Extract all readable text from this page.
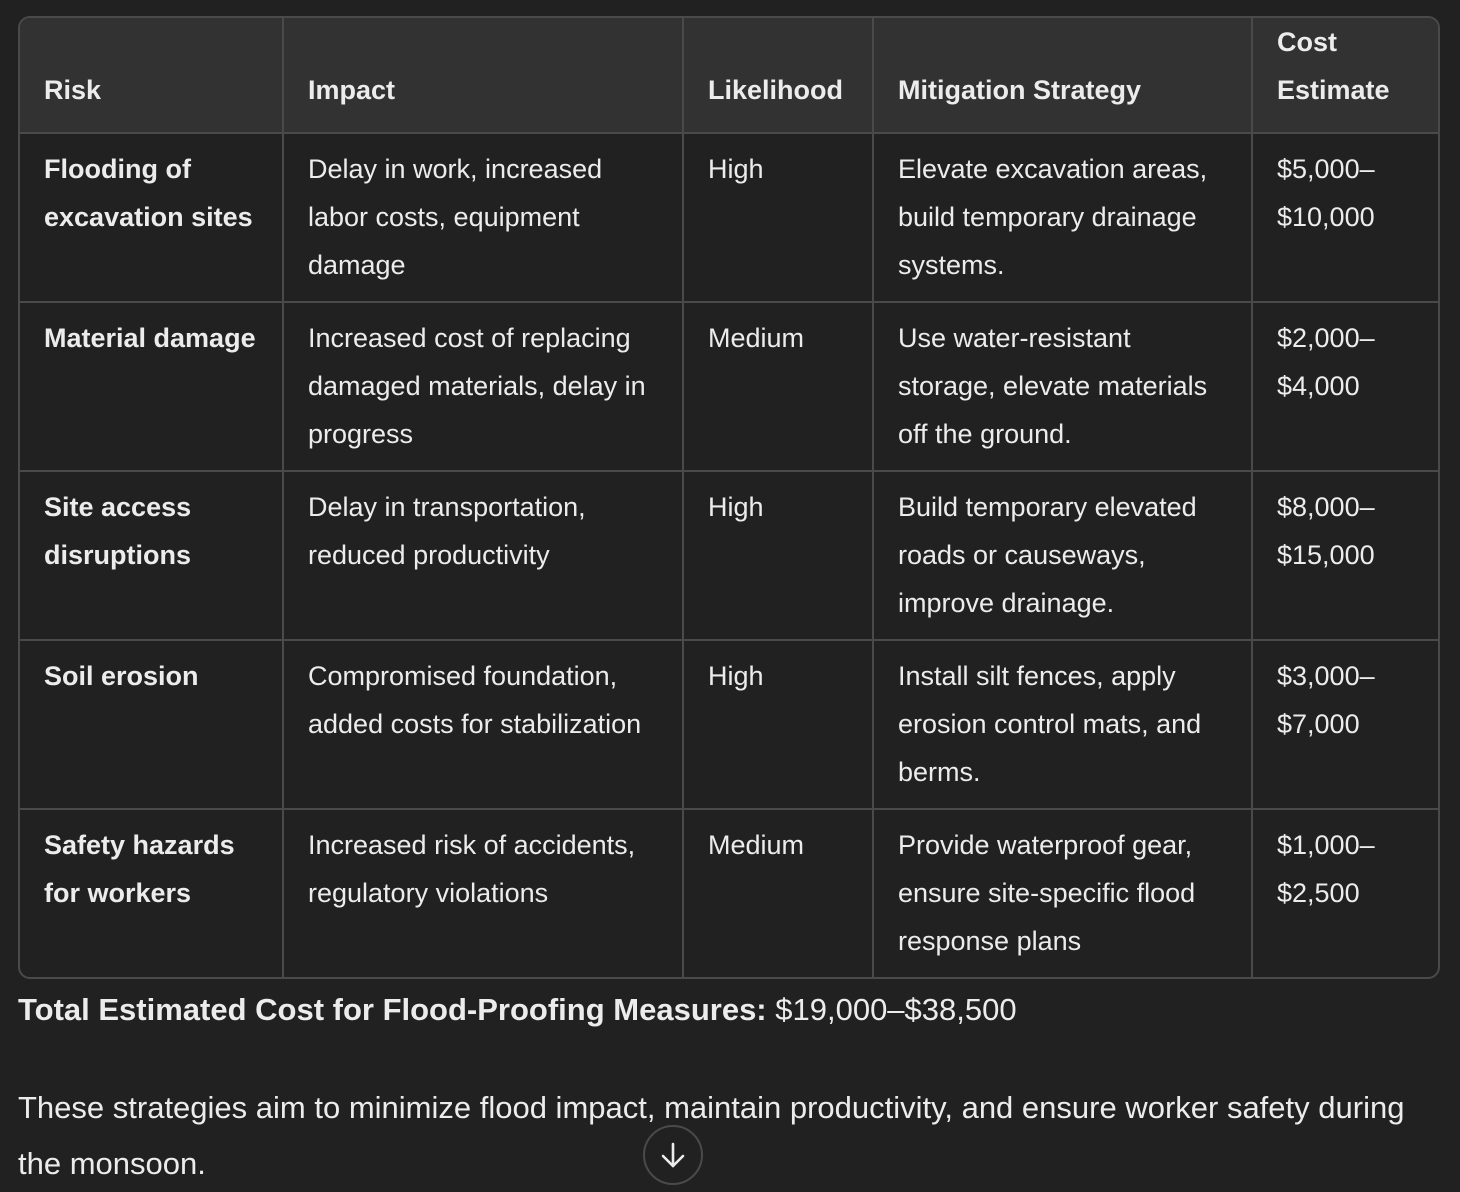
Risk	Impact	Likelihood	Mitigation Strategy	Cost Estimate
Flooding of excavation sites	Delay in work, increased labor costs, equipment damage	High	Elevate excavation areas, build temporary drainage systems.	$5,000–$10,000
Material damage	Increased cost of replacing damaged materials, delay in progress	Medium	Use water-resistant storage, elevate materials off the ground.	$2,000–$4,000
Site access disruptions	Delay in transportation, reduced productivity	High	Build temporary elevated roads or causeways, improve drainage.	$8,000–$15,000
Soil erosion	Compromised foundation, added costs for stabilization	High	Install silt fences, apply erosion control mats, and berms.	$3,000–$7,000
Safety hazards for workers	Increased risk of accidents, regulatory violations	Medium	Provide waterproof gear, ensure site-specific flood response plans	$1,000–$2,500
Total Estimated Cost for Flood-Proofing Measures: $19,000–$38,500
These strategies aim to minimize flood impact, maintain productivity, and ensure worker safety during the monsoon.
